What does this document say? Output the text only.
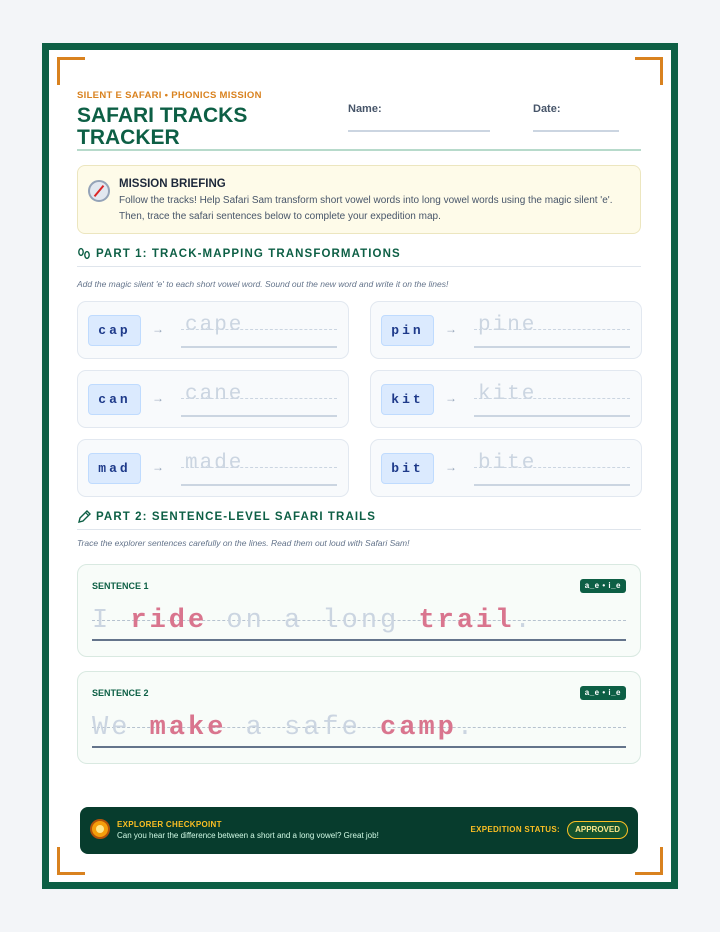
SILENT E SAFARI • PHONICS MISSION
SAFARI TRACKS TRACKER
Name:	Date:
MISSION BRIEFING
Follow the tracks! Help Safari Sam transform short vowel words into long vowel words using the magic silent 'e'. Then, trace the safari sentences below to complete your expedition map.
PART 1: TRACK-MAPPING TRANSFORMATIONS
Add the magic silent 'e' to each short vowel word. Sound out the new word and write it on the lines!
cap	→ cape	pin	→ pine
can	→ cane	kit	→ kite
mad	→ made	bit	→ bite
PART 2: SENTENCE-LEVEL SAFARI TRAILS
Trace the explorer sentences carefully on the lines. Read them out loud with Safari Sam!
SENTENCE 1	a_e • i_e
I ride on a long trail.
SENTENCE 2	a_e • i_e
We make a safe camp.
EXPLORER CHECKPOINT
Can you hear the difference between a short and a long vowel? Great job!
EXPEDITION STATUS:	APPROVED
